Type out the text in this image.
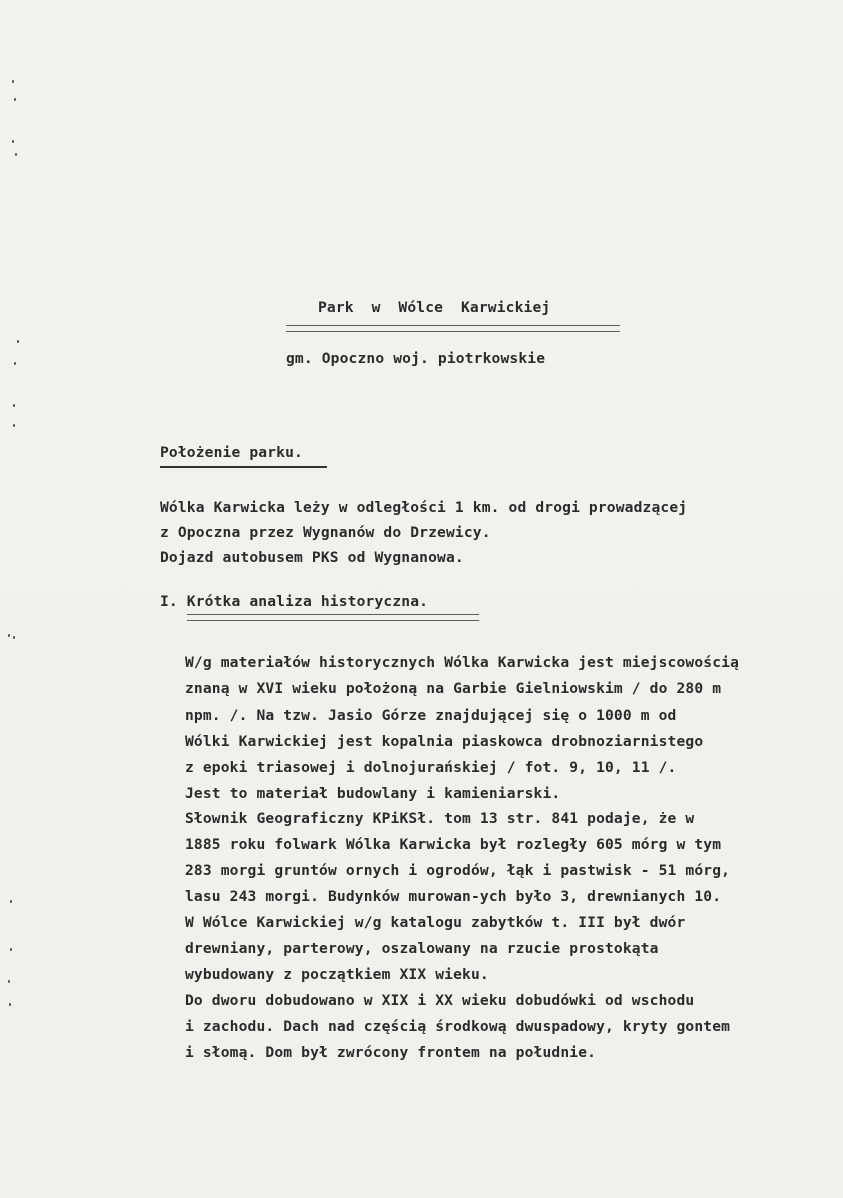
Park  w  Wólce  Karwickiej
gm. Opoczno woj. piotrkowskie
Położenie parku.
Wólka Karwicka leży w odległości 1 km. od drogi prowadzącej
z Opoczna przez Wygnanów do Drzewicy.
Dojazd autobusem PKS od Wygnanowa.
I. Krótka analiza historyczna.
W/g materiałów historycznych Wólka Karwicka jest miejscowością
znaną w XVI wieku położoną na Garbie Gielniowskim / do 280 m
npm. /. Na tzw. Jasio Górze znajdującej się o 1000 m od
Wólki Karwickiej jest kopalnia piaskowca drobnoziarnistego
z epoki triasowej i dolnojurańskiej / fot. 9, 10, 11 /.
Jest to materiał budowlany i kamieniarski.
Słownik Geograficzny KPiKSł. tom 13 str. 841 podaje, że w
1885 roku folwark Wólka Karwicka był rozległy 605 mórg w tym
283 morgi gruntów ornych i ogrodów, łąk i pastwisk - 51 mórg,
lasu 243 morgi. Budynków murowan-ych było 3, drewnianych 10.
W Wólce Karwickiej w/g katalogu zabytków t. III był dwór
drewniany, parterowy, oszalowany na rzucie prostokąta
wybudowany z początkiem XIX wieku.
Do dworu dobudowano w XIX i XX wieku dobudówki od wschodu
i zachodu. Dach nad częścią środkową dwuspadowy, kryty gontem
i słomą. Dom był zwrócony frontem na południe.
